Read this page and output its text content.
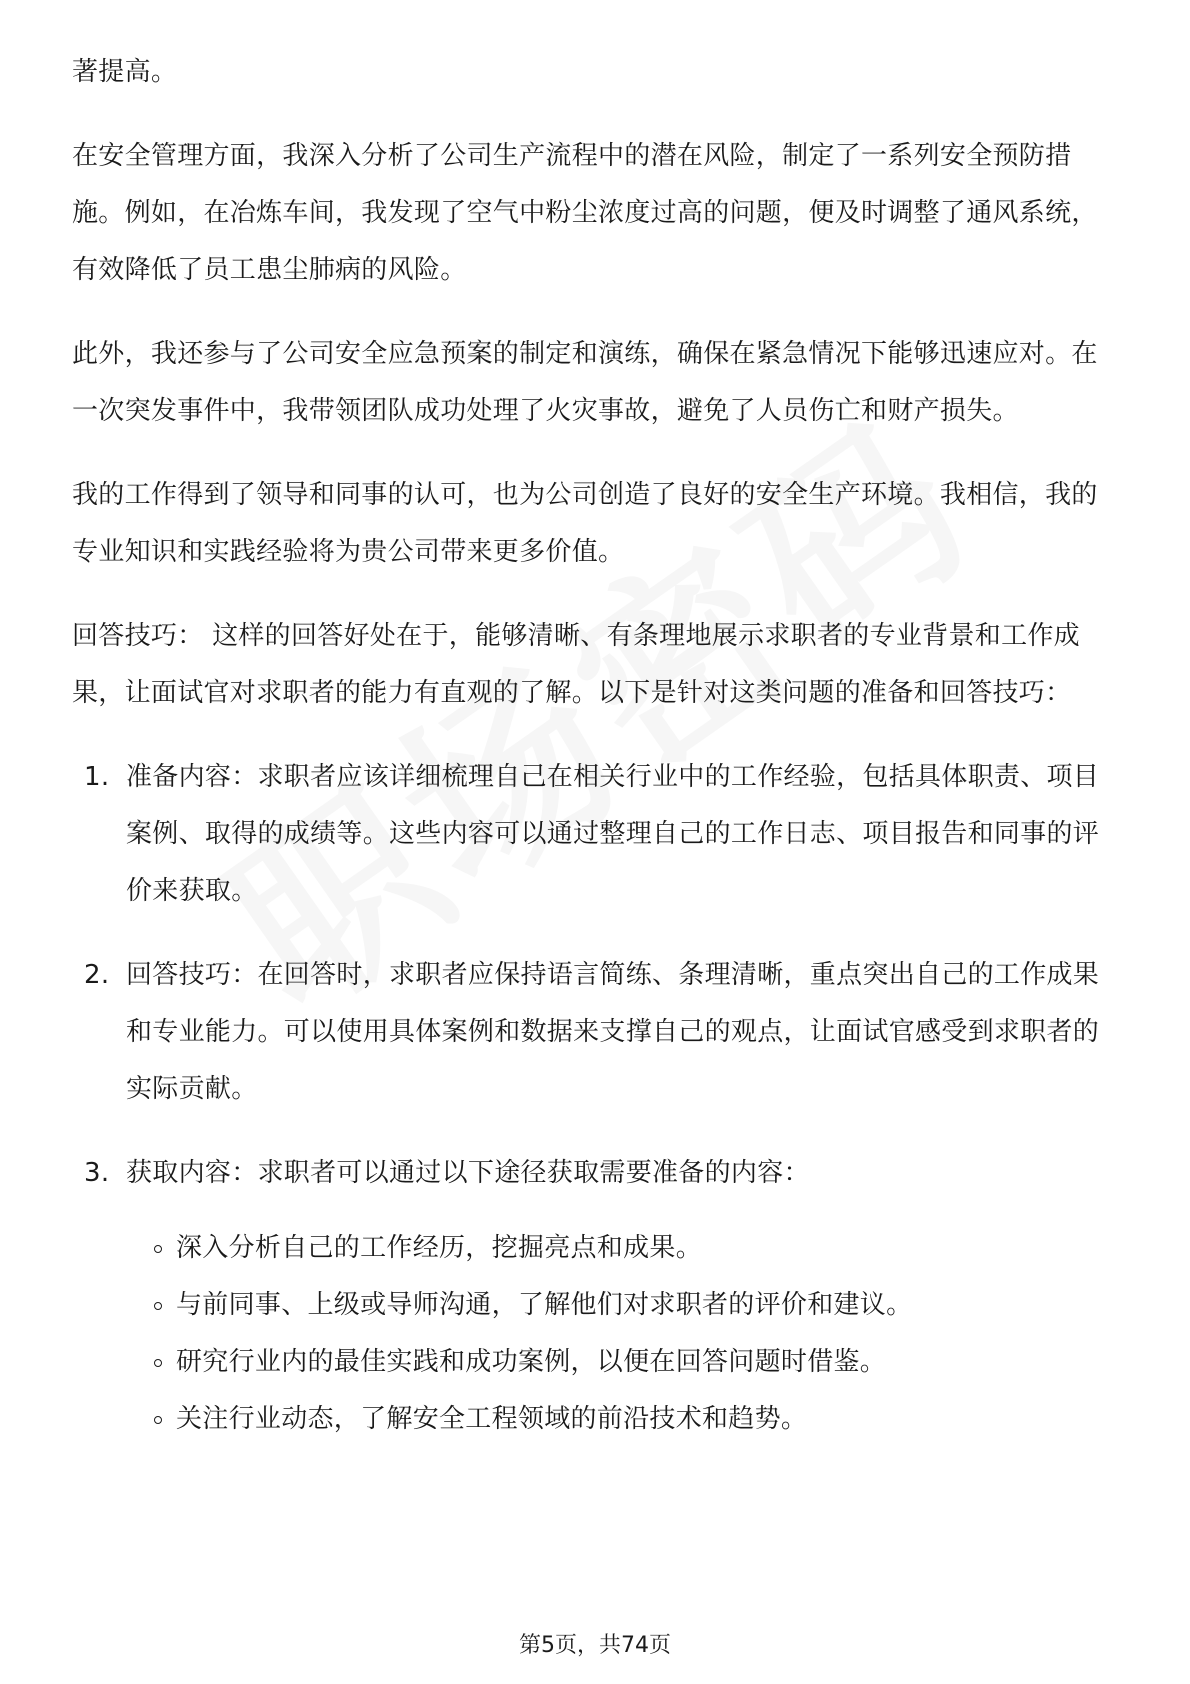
著提高。

在安全管理方面，我深入分析了公司生产流程中的潜在风险，制定了一系列安全预防措施。例如，在冶炼车间，我发现了空气中粉尘浓度过高的问题，便及时调整了通风系统，有效降低了员工患尘肺病的风险。

此外，我还参与了公司安全应急预案的制定和演练，确保在紧急情况下能够迅速应对。在一次突发事件中，我带领团队成功处理了火灾事故，避免了人员伤亡和财产损失。

我的工作得到了领导和同事的认可，也为公司创造了良好的安全生产环境。我相信，我的专业知识和实践经验将为贵公司带来更多价值。

回答技巧： 这样的回答好处在于，能够清晰、有条理地展示求职者的专业背景和工作成果，让面试官对求职者的能力有直观的了解。以下是针对这类问题的准备和回答技巧：

1. 准备内容：求职者应该详细梳理自己在相关行业中的工作经验，包括具体职责、项目案例、取得的成绩等。这些内容可以通过整理自己的工作日志、项目报告和同事的评价来获取。
2. 回答技巧：在回答时，求职者应保持语言简练、条理清晰，重点突出自己的工作成果和专业能力。可以使用具体案例和数据来支撑自己的观点，让面试官感受到求职者的实际贡献。
3. 获取内容：求职者可以通过以下途径获取需要准备的内容：
深入分析自己的工作经历，挖掘亮点和成果。
与前同事、上级或导师沟通，了解他们对求职者的评价和建议。
研究行业内的最佳实践和成功案例，以便在回答问题时借鉴。
关注行业动态，了解安全工程领域的前沿技术和趋势。
第5页，共74页
